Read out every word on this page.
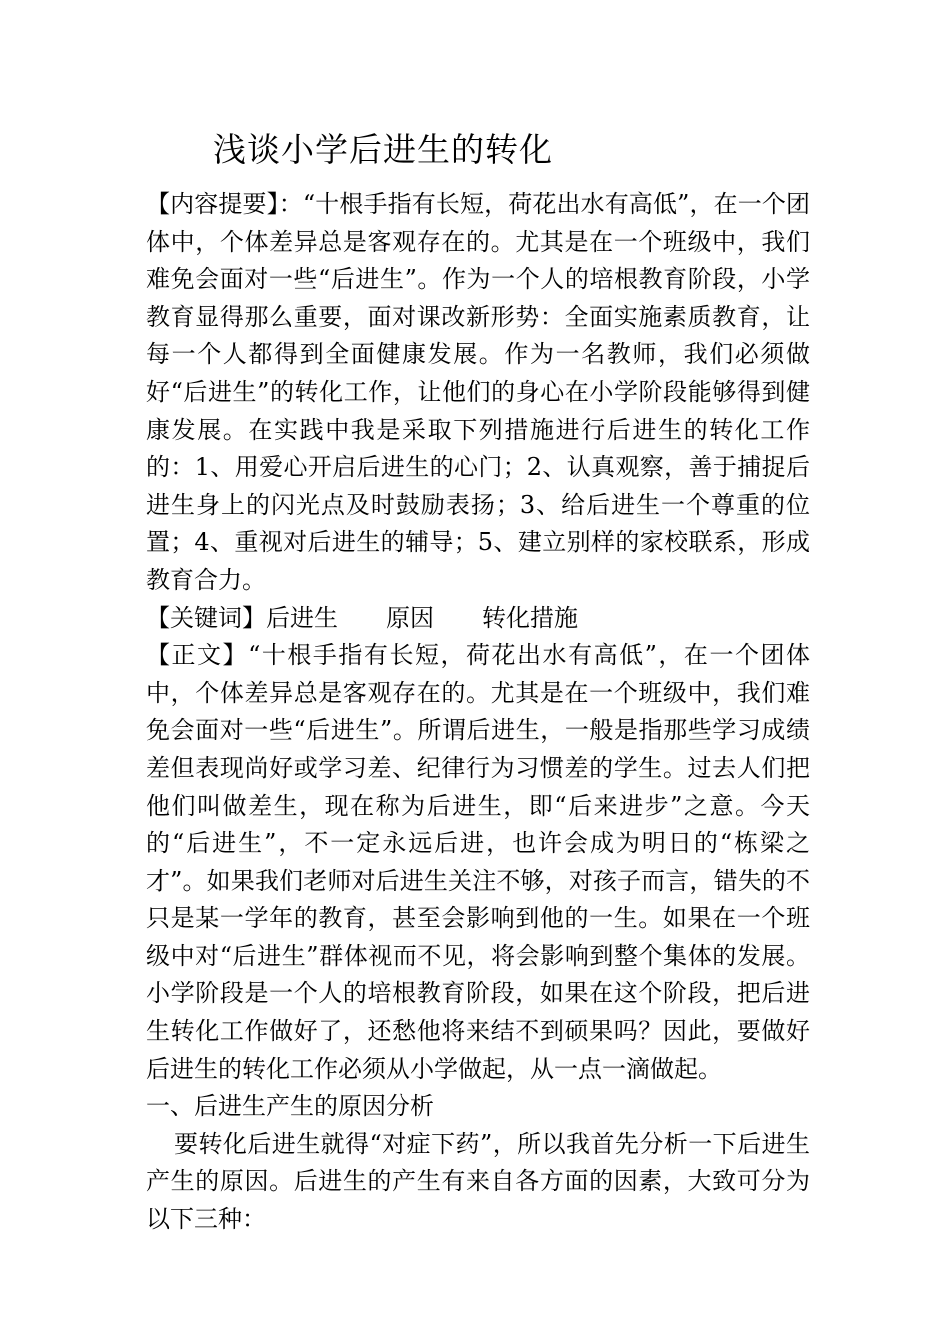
浅谈小学后进生的转化

【内容提要】：“十根手指有长短，荷花出水有高低”，在一个团体中，个体差异总是客观存在的。尤其是在一个班级中，我们难免会面对一些“后进生”。作为一个人的培根教育阶段，小学教育显得那么重要，面对课改新形势：全面实施素质教育，让每一个人都得到全面健康发展。作为一名教师，我们必须做好“后进生”的转化工作，让他们的身心在小学阶段能够得到健康发展。在实践中我是采取下列措施进行后进生的转化工作的：1、用爱心开启后进生的心门；2、认真观察，善于捕捉后进生身上的闪光点及时鼓励表扬；3、给后进生一个尊重的位置；4、重视对后进生的辅导；5、建立别样的家校联系，形成教育合力。

【关键词】后进生 原因 转化措施

【正文】“十根手指有长短，荷花出水有高低”，在一个团体中，个体差异总是客观存在的。尤其是在一个班级中，我们难免会面对一些“后进生”。所谓后进生，一般是指那些学习成绩差但表现尚好或学习差、纪律行为习惯差的学生。过去人们把他们叫做差生，现在称为后进生，即“后来进步”之意。今天的“后进生”，不一定永远后进，也许会成为明日的“栋梁之才”。如果我们老师对后进生关注不够，对孩子而言，错失的不只是某一学年的教育，甚至会影响到他的一生。如果在一个班级中对“后进生”群体视而不见，将会影响到整个集体的发展。小学阶段是一个人的培根教育阶段，如果在这个阶段，把后进生转化工作做好了，还愁他将来结不到硕果吗？因此，要做好后进生的转化工作必须从小学做起，从一点一滴做起。

一、后进生产生的原因分析

要转化后进生就得“对症下药”，所以我首先分析一下后进生产生的原因。后进生的产生有来自各方面的因素，大致可分为以下三种：
